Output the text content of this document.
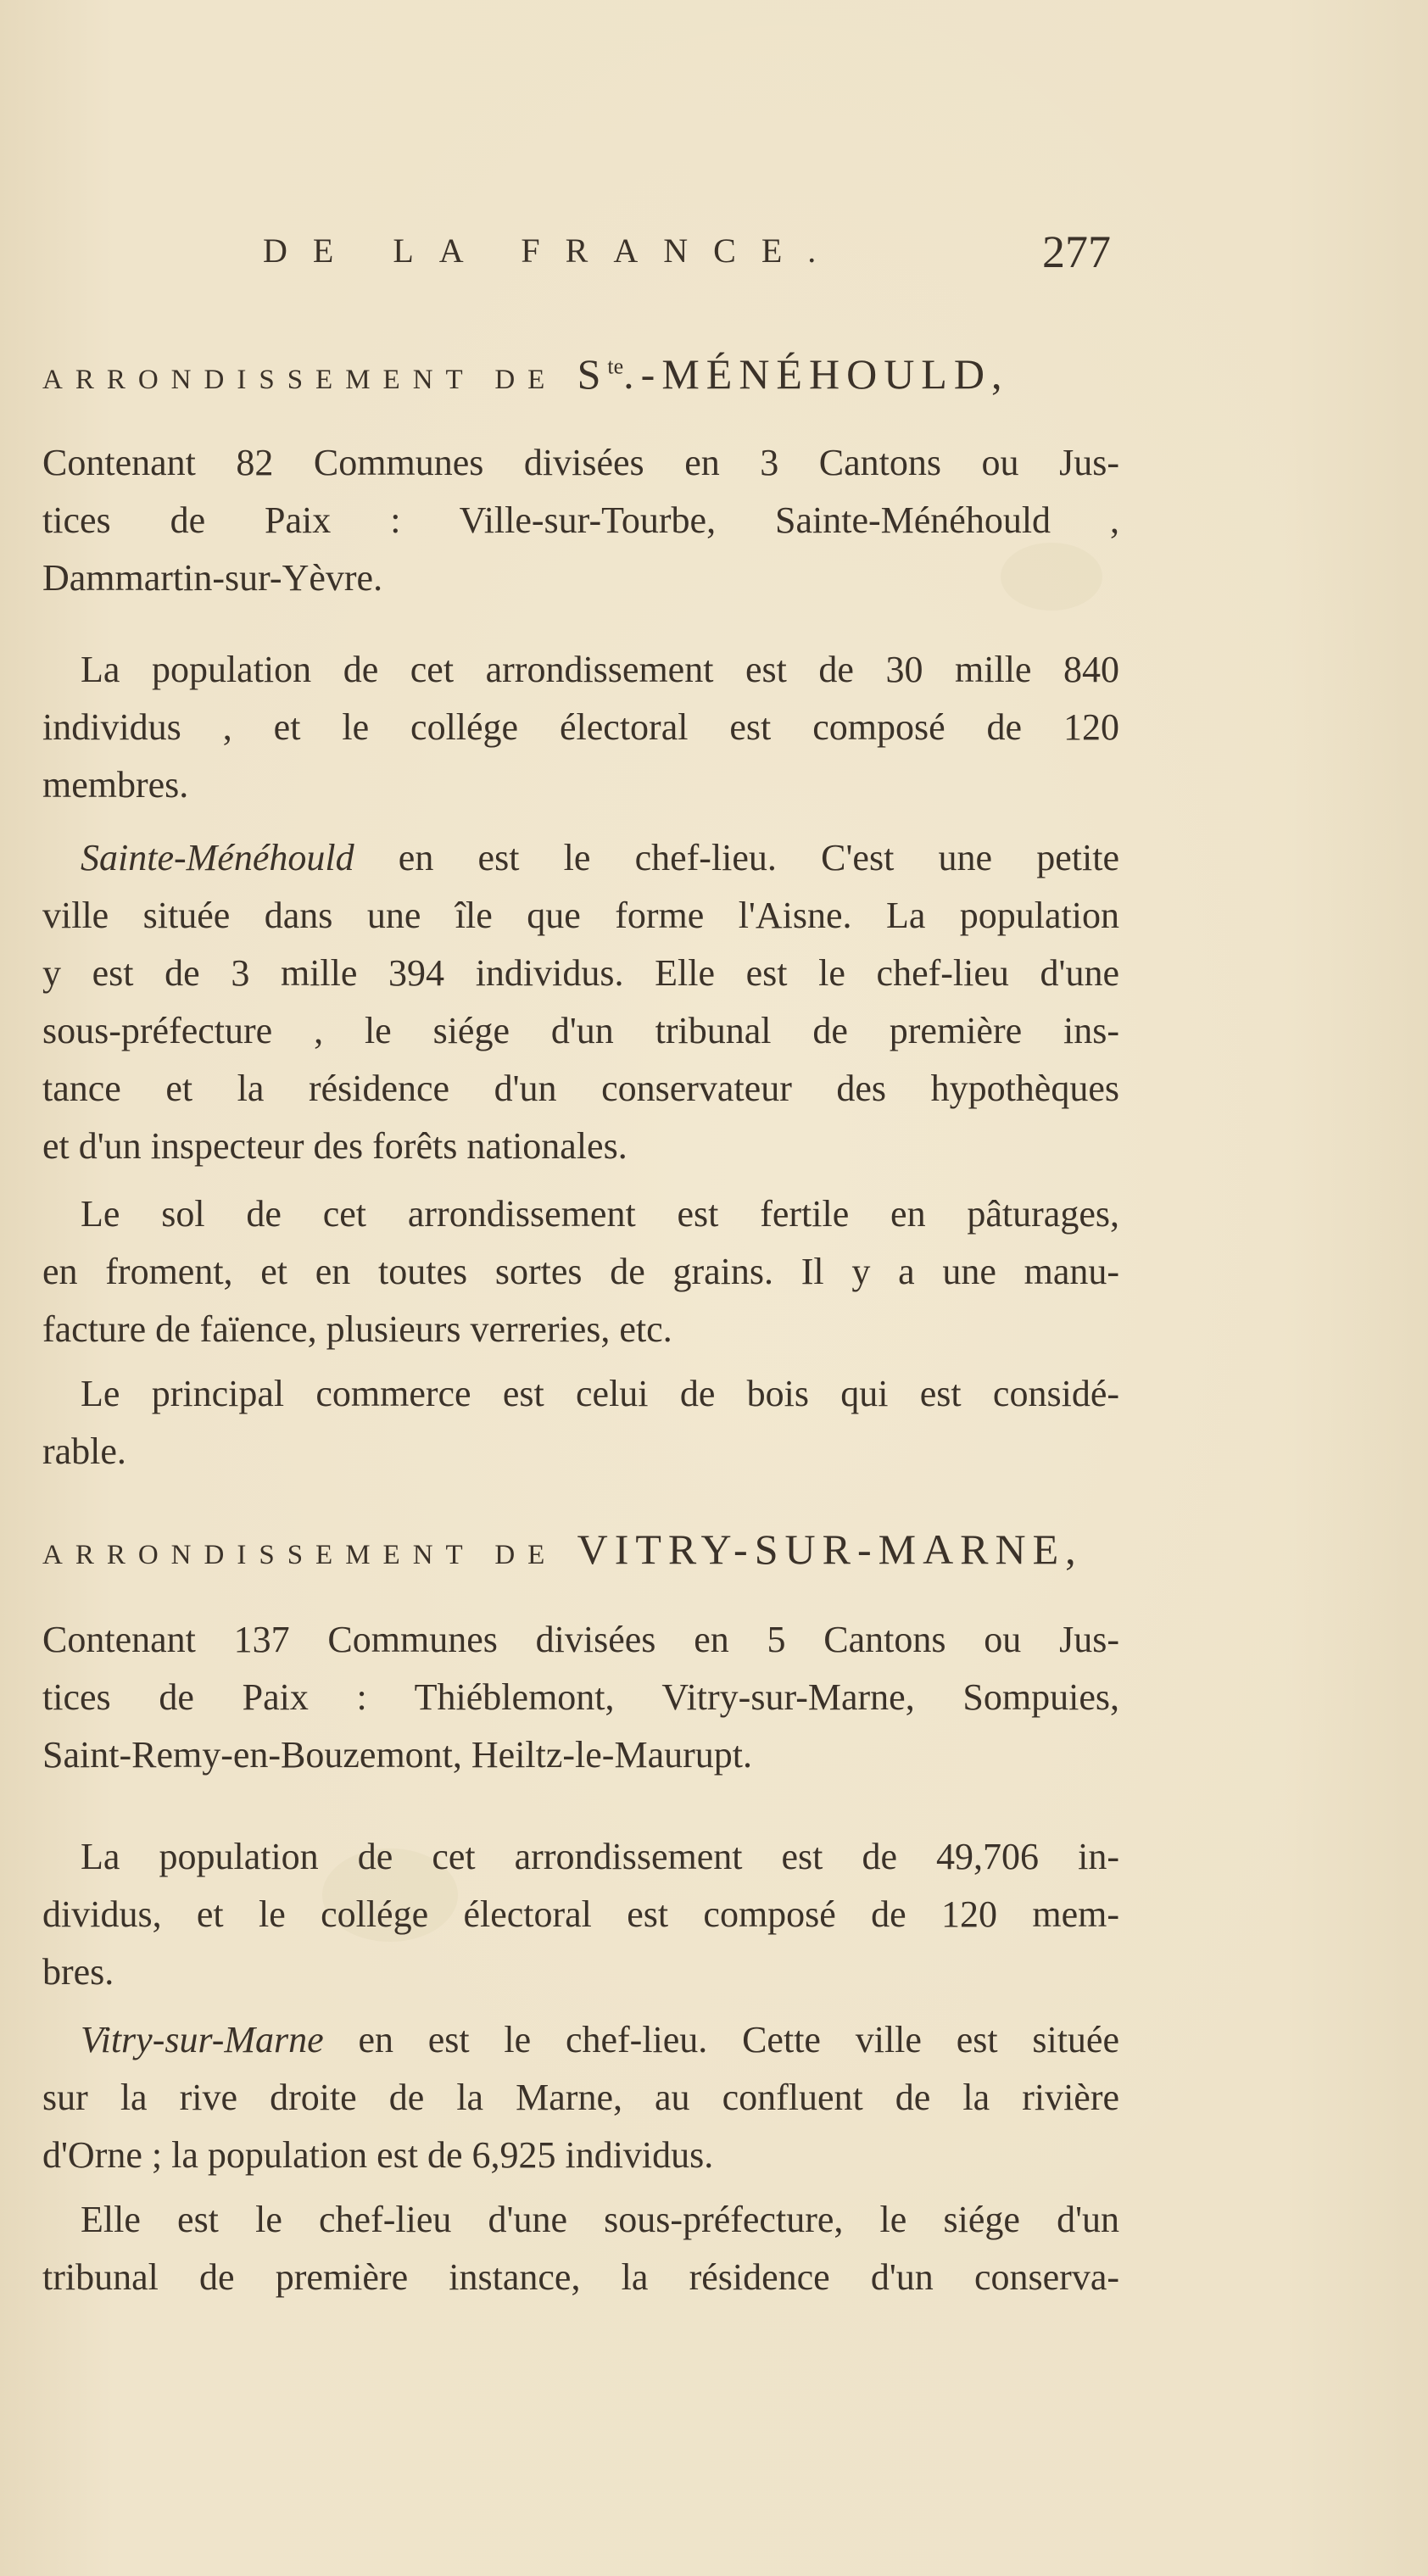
DE LA FRANCE.	277
ARRONDISSEMENT DE $S^{te}$.-MÉNÉHOULD,
Contenant 82 Communes divisées en 3 Cantons ou Jus-
tices de Paix : Ville-sur-Tourbe, Sainte-Ménéhould ,
Dammartin-sur-Yèvre.
La population de cet arrondissement est de 30 mille 840
individus , et le collége électoral est composé de 120
membres.
Sainte-Ménéhould en est le chef-lieu. C'est une petite
ville située dans une île que forme l'Aisne. La population
y est de 3 mille 394 individus. Elle est le chef-lieu d'une
sous-préfecture , le siége d'un tribunal de première ins-
tance et la résidence d'un conservateur des hypothèques
et d'un inspecteur des forêts nationales.
Le sol de cet arrondissement est fertile en pâturages,
en froment, et en toutes sortes de grains. Il y a une manu-
facture de faïence, plusieurs verreries, etc.
Le principal commerce est celui de bois qui est considé-
rable.
ARRONDISSEMENT DE VITRY-SUR-MARNE,
Contenant 137 Communes divisées en 5 Cantons ou Jus-
tices de Paix : Thiéblemont, Vitry-sur-Marne, Sompuies,
Saint-Remy-en-Bouzemont, Heiltz-le-Maurupt.
La population de cet arrondissement est de 49,706 in-
dividus, et le collége électoral est composé de 120 mem-
bres.
Vitry-sur-Marne en est le chef-lieu. Cette ville est située
sur la rive droite de la Marne, au confluent de la rivière
d'Orne ; la population est de 6,925 individus.
Elle est le chef-lieu d'une sous-préfecture, le siége d'un
tribunal de première instance, la résidence d'un conserva-
